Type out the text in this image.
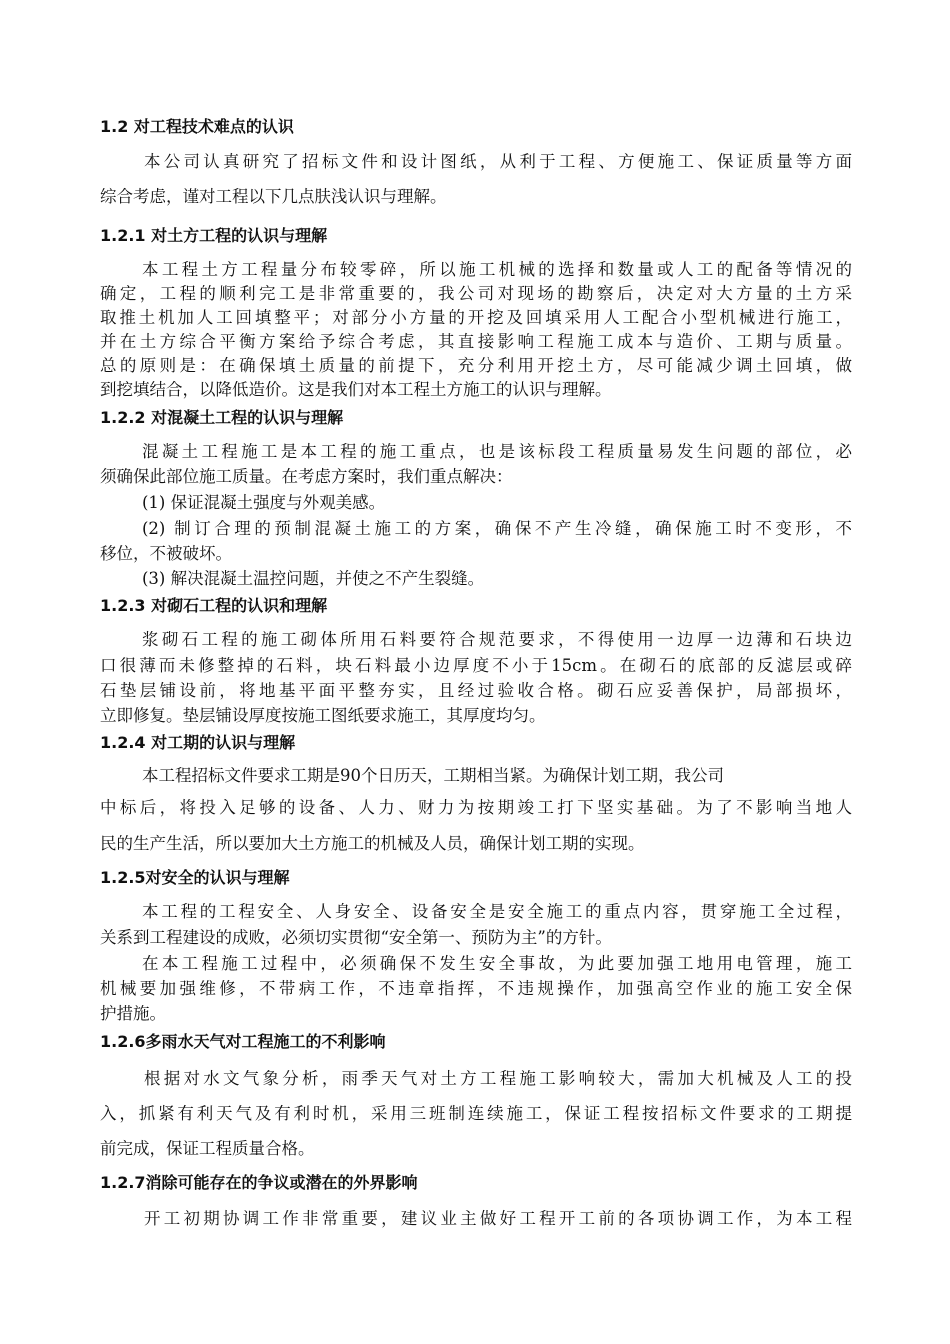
1.2 对工程技术难点的认识
本公司认真研究了招标文件和设计图纸，从利于工程、方便施工、保证质量等方面
综合考虑，谨对工程以下几点肤浅认识与理解。
1.2.1 对土方工程的认识与理解
本工程土方工程量分布较零碎，所以施工机械的选择和数量或人工的配备等情况的
确定，工程的顺利完工是非常重要的，我公司对现场的勘察后，决定对大方量的土方采
取推土机加人工回填整平；对部分小方量的开挖及回填采用人工配合小型机械进行施工，
并在土方综合平衡方案给予综合考虑，其直接影响工程施工成本与造价、工期与质量。
总的原则是：在确保填土质量的前提下，充分利用开挖土方，尽可能减少调土回填，做
到挖填结合，以降低造价。这是我们对本工程土方施工的认识与理解。
1.2.2 对混凝土工程的认识与理解
混凝土工程施工是本工程的施工重点，也是该标段工程质量易发生问题的部位，必
须确保此部位施工质量。在考虑方案时，我们重点解决：
(1) 保证混凝土强度与外观美感。
(2) 制订合理的预制混凝土施工的方案，确保不产生冷缝，确保施工时不变形，不
移位，不被破坏。
(3) 解决混凝土温控问题，并使之不产生裂缝。
1.2.3 对砌石工程的认识和理解
浆砌石工程的施工砌体所用石料要符合规范要求，不得使用一边厚一边薄和石块边
口很薄而未修整掉的石料，块石料最小边厚度不小于15cm。在砌石的底部的反滤层或碎
石垫层铺设前，将地基平面平整夯实，且经过验收合格。砌石应妥善保护，局部损坏，
立即修复。垫层铺设厚度按施工图纸要求施工，其厚度均匀。
1.2.4 对工期的认识与理解
本工程招标文件要求工期是90个日历天，工期相当紧。为确保计划工期，我公司
中标后，将投入足够的设备、人力、财力为按期竣工打下坚实基础。为了不影响当地人
民的生产生活，所以要加大土方施工的机械及人员，确保计划工期的实现。
1.2.5对安全的认识与理解
本工程的工程安全、人身安全、设备安全是安全施工的重点内容，贯穿施工全过程，
关系到工程建设的成败，必须切实贯彻“安全第一、预防为主”的方针。
在本工程施工过程中，必须确保不发生安全事故，为此要加强工地用电管理，施工
机械要加强维修，不带病工作，不违章指挥，不违规操作，加强高空作业的施工安全保
护措施。
1.2.6多雨水天气对工程施工的不利影响
根据对水文气象分析，雨季天气对土方工程施工影响较大，需加大机械及人工的投
入，抓紧有利天气及有利时机，采用三班制连续施工，保证工程按招标文件要求的工期提
前完成，保证工程质量合格。
1.2.7消除可能存在的争议或潜在的外界影响
开工初期协调工作非常重要，建议业主做好工程开工前的各项协调工作，为本工程
